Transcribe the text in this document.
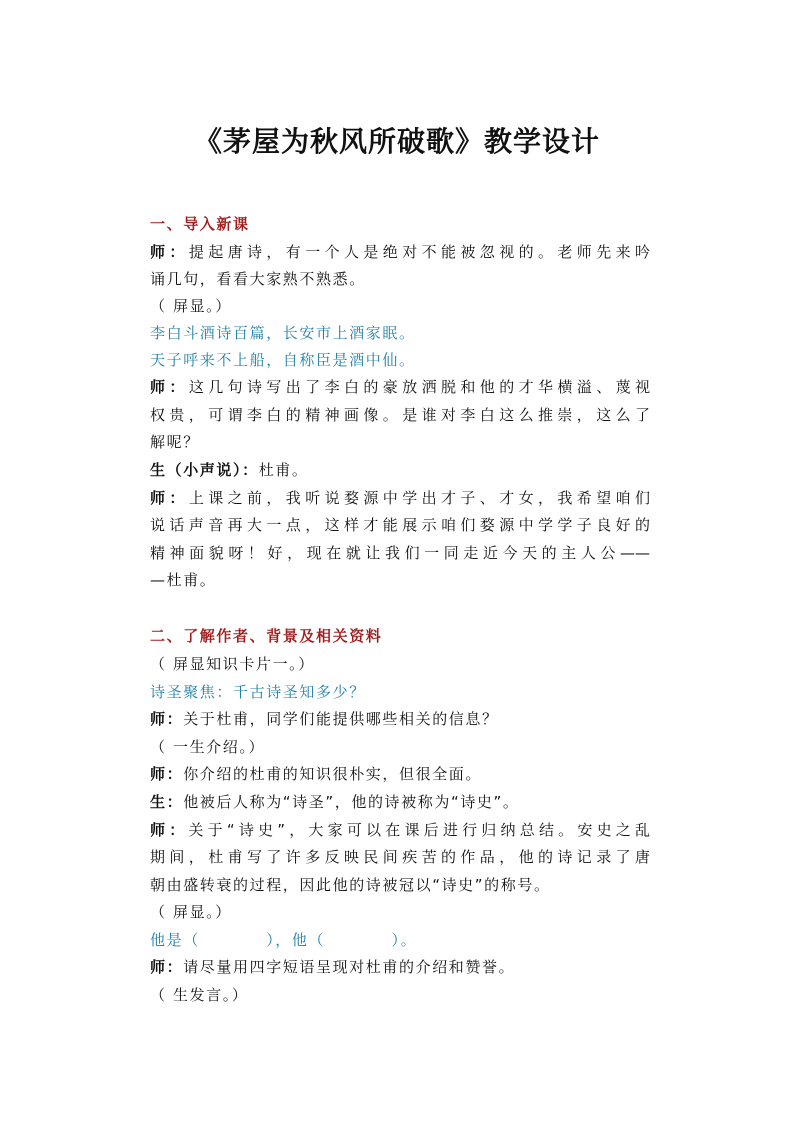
《茅屋为秋风所破歌》教学设计
一、导入新课
师：提起唐诗，有一个人是绝对不能被忽视的。老师先来吟
诵几句，看看大家熟不熟悉。
（ 屏显。）
李白斗酒诗百篇，长安市上酒家眠。
天子呼来不上船，自称臣是酒中仙。
师：这几句诗写出了李白的豪放洒脱和他的才华横溢、蔑视
权贵，可谓李白的精神画像。是谁对李白这么推崇，这么了
解呢？
生（小声说）：杜甫。
师：上课之前，我听说婺源中学出才子、才女，我希望咱们
说话声音再大一点，这样才能展示咱们婺源中学学子良好的
精神面貌呀！好，现在就让我们一同走近今天的主人公——
—杜甫。
二、了解作者、背景及相关资料
（ 屏显知识卡片一。）
诗圣聚焦：千古诗圣知多少？
师：关于杜甫，同学们能提供哪些相关的信息？
（ 一生介绍。）
师：你介绍的杜甫的知识很朴实，但很全面。
生：他被后人称为“诗圣”，他的诗被称为“诗史”。
师：关于“诗史”，大家可以在课后进行归纳总结。安史之乱
期间，杜甫写了许多反映民间疾苦的作品，他的诗记录了唐
朝由盛转衰的过程，因此他的诗被冠以“诗史”的称号。
（ 屏显。）
他是（　　　　），他（　　　　）。
师：请尽量用四字短语呈现对杜甫的介绍和赞誉。
（ 生发言。）
